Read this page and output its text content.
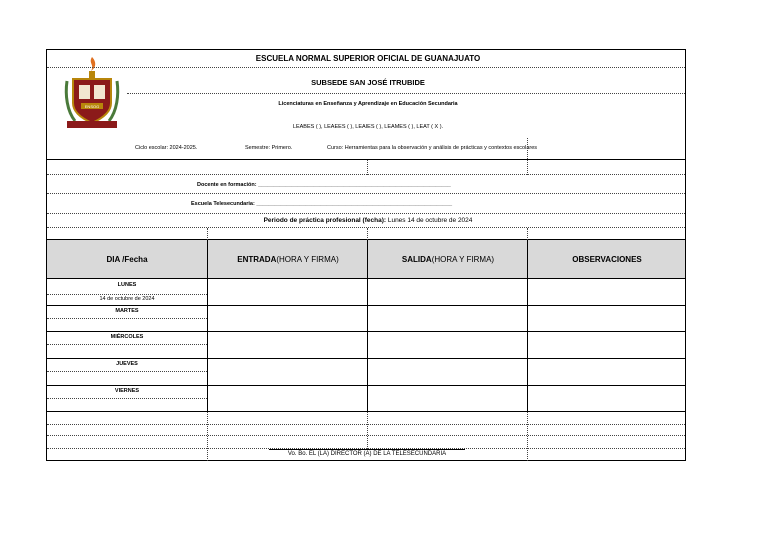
ENSOG
ESCUELA NORMAL SUPERIOR OFICIAL DE GUANAJUATO
SUBSEDE SAN JOSÉ ITRUBIDE
Licenciaturas en Enseñanza y Aprendizaje en Educación Secundaria
LEABES ( ), LEAEES ( ), LEAIES ( ), LEAMES ( ), LEAT ( X ).
Ciclo escolar: 2024-2025.	Semestre: Primero.	Curso: Herramientas para la observación y análisis de prácticas y contextos escolares
Docente en formación: _______________________________________________________________
Escuela Telesecundaria: ________________________________________________________________
Periodo de práctica profesional (fecha): Lunes 14 de octubre de 2024
DIA /Fecha	ENTRADA (HORA Y FIRMA)	SALIDA (HORA Y FIRMA)	OBSERVACIONES
LUNES
14 de octubre de 2024
MARTES
MIÉRCOLES
JUEVES
VIERNES
Vo. Bo. EL (LA) DIRECTOR (A) DE LA TELESECUNDARIA
